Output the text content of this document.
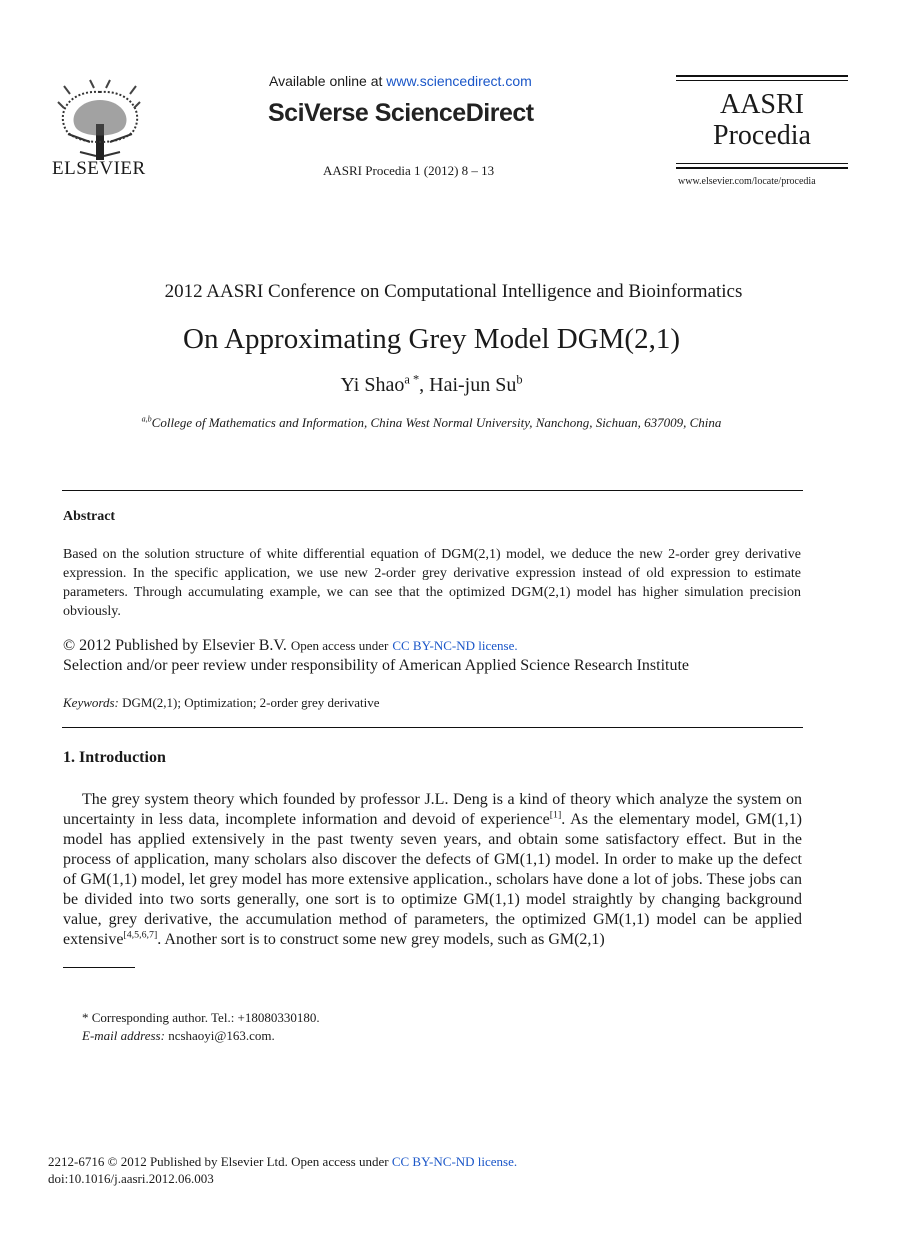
ELSEVIER
Available online at www.sciencedirect.com
SciVerse ScienceDirect
AASRI Procedia 1 (2012) 8 – 13
AASRI
Procedia
www.elsevier.com/locate/procedia
2012 AASRI Conference on Computational Intelligence and Bioinformatics
On Approximating Grey Model DGM(2,1)
Yi Shao$^{a *}$, Hai-jun Su$^b$
$^{a,b}$College of Mathematics and Information, China West Normal University, Nanchong, Sichuan, 637009, China
Abstract
Based on the solution structure of white differential equation of DGM(2,1) model, we deduce the new 2-order grey derivative expression. In the specific application, we use new 2-order grey derivative expression instead of old expression to estimate parameters. Through accumulating example, we can see that the optimized DGM(2,1) model has higher simulation precision obviously.
© 2012 Published by Elsevier B.V. Open access under CC BY-NC-ND license.
Selection and/or peer review under responsibility of American Applied Science Research Institute
Keywords: DGM(2,1); Optimization; 2-order grey derivative
1. Introduction
The grey system theory which founded by professor J.L. Deng is a kind of theory which analyze the system on uncertainty in less data, incomplete information and devoid of experience[1]. As the elementary model, GM(1,1) model has applied extensively in the past twenty seven years, and obtain some satisfactory effect. But in the process of application, many scholars also discover the defects of GM(1,1) model. In order to make up the defect of GM(1,1) model, let grey model has more extensive application., scholars have done a lot of jobs. These jobs can be divided into two sorts generally, one sort is to optimize GM(1,1) model straightly by changing background value, grey derivative, the accumulation method of parameters, the optimized GM(1,1) model can be applied extensive[4,5,6,7]. Another sort is to construct some new grey models, such as GM(2,1)
* Corresponding author. Tel.: +18080330180.
E-mail address: ncshaoyi@163.com.
2212-6716 © 2012 Published by Elsevier Ltd. Open access under CC BY-NC-ND license.
doi:10.1016/j.aasri.2012.06.003
